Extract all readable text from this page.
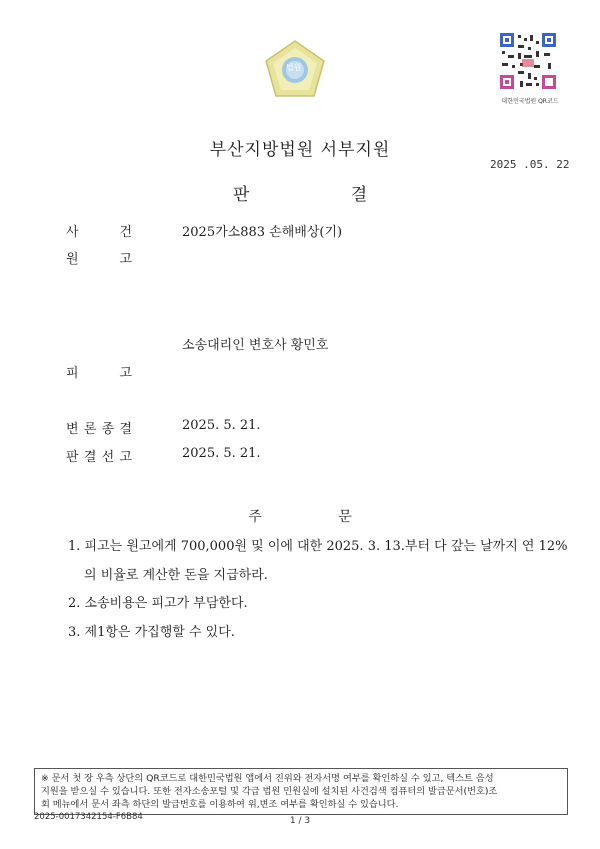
법원
대한민국법원 QR코드
부산지방법원 서부지원
2025 .05. 22
판 결
사	건	2025가소883 손해배상(기)
원	고
소송대리인 변호사 황민호
피	고
변 론 종 결	2025. 5. 21.
판 결 선 고	2025. 5. 21.
주 문
1. 피고는 원고에게 700,000원 및 이에 대한 2025. 3. 13.부터 다 갚는 날까지 연 12%
의 비율로 계산한 돈을 지급하라.
2. 소송비용은 피고가 부담한다.
3. 제1항은 가집행할 수 있다.
※ 문서 첫 장 우측 상단의 QR코드로 대한민국법원 앱에서 진위와 전자서명 여부를 확인하실 수 있고, 텍스트 음성
지원을 받으실 수 있습니다. 또한 전자소송포털 및 각급 법원 민원실에 설치된 사건검색 컴퓨터의 발급문서(번호)조
회 메뉴에서 문서 좌측 하단의 발급번호를 이용하여 위,변조 여부를 확인하실 수 있습니다.
2025-0017342154-F6B84	1 / 3
